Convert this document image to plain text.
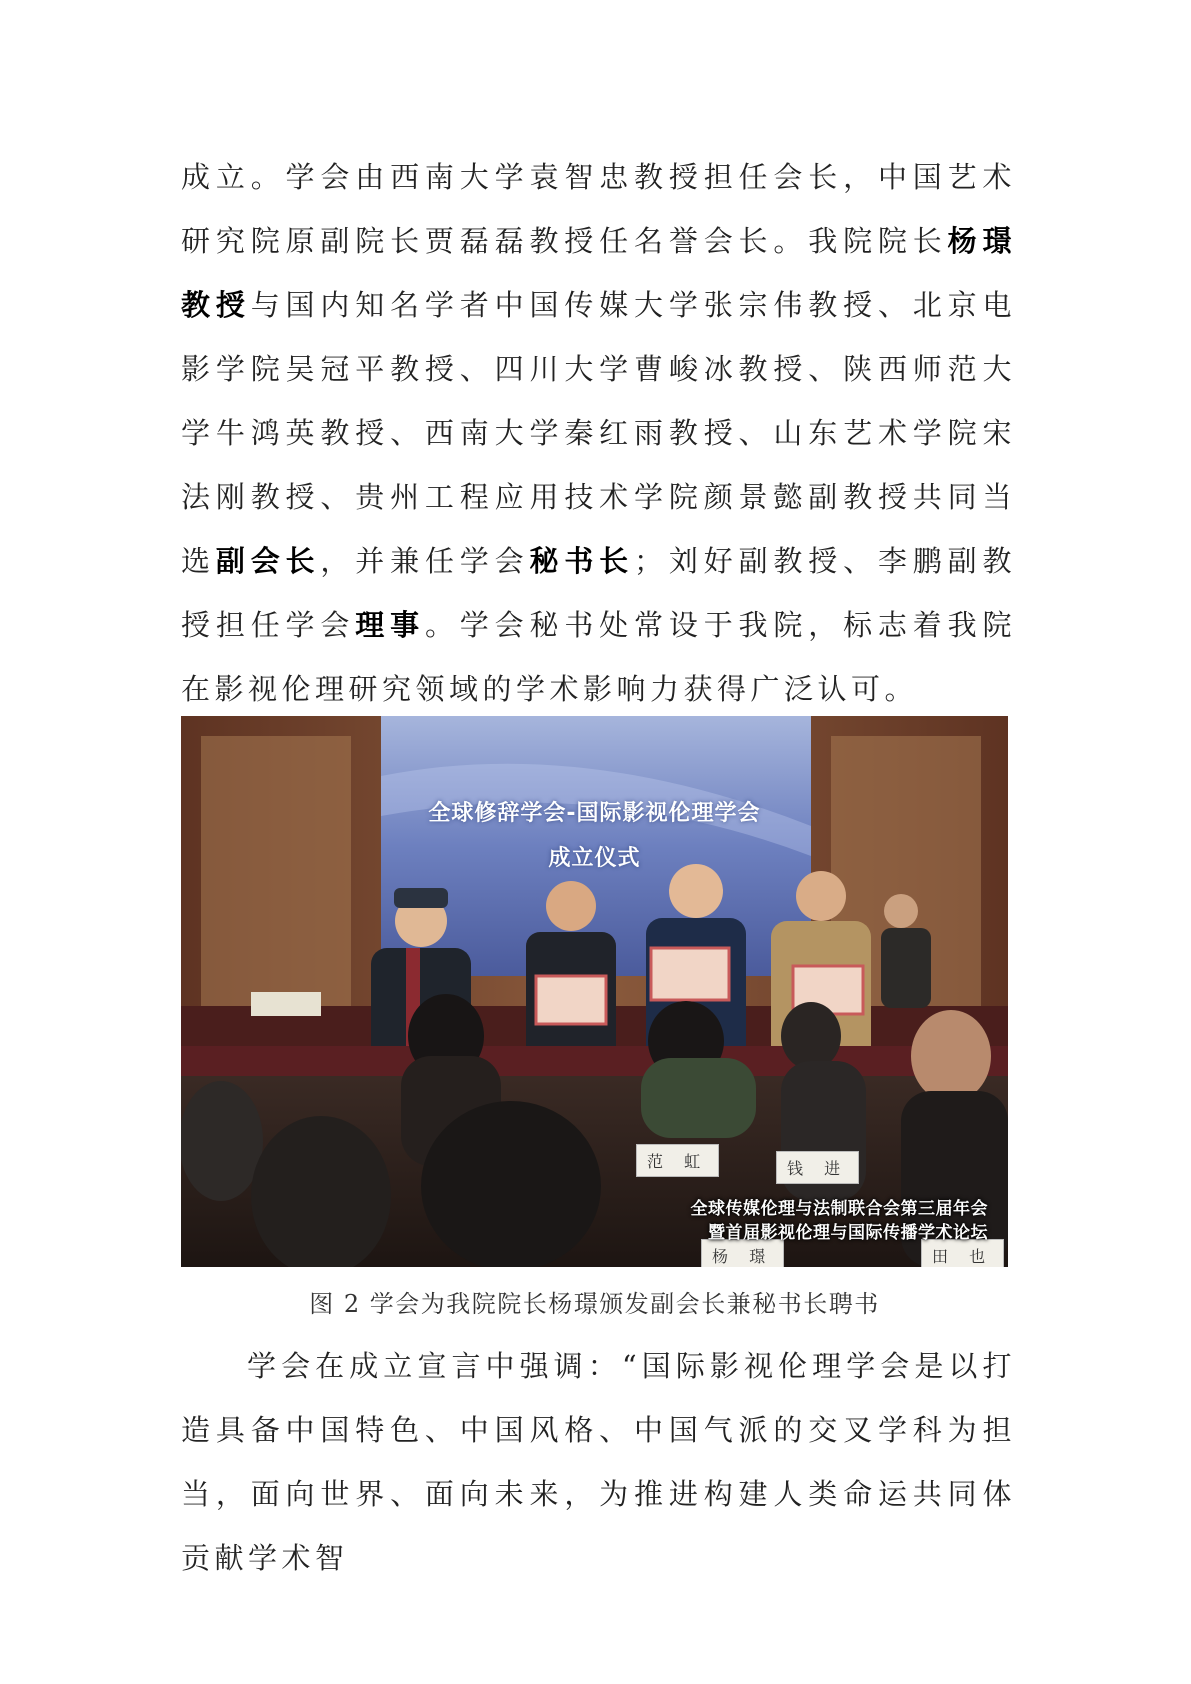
成立。学会由西南大学袁智忠教授担任会长，中国艺术研究院原副院长贾磊磊教授任名誉会长。我院院长杨璟教授与国内知名学者中国传媒大学张宗伟教授、北京电影学院吴冠平教授、四川大学曹峻冰教授、陕西师范大学牛鸿英教授、西南大学秦红雨教授、山东艺术学院宋法刚教授、贵州工程应用技术学院颜景懿副教授共同当选副会长，并兼任学会秘书长；刘好副教授、李鹏副教授担任学会理事。学会秘书处常设于我院，标志着我院在影视伦理研究领域的学术影响力获得广泛认可。
全球修辞学会-国际影视伦理学会
成立仪式
范 虹	钱 进
杨 璟	田 也
全球传媒伦理与法制联合会第三届年会
暨首届影视伦理与国际传播学术论坛
图 2 学会为我院院长杨璟颁发副会长兼秘书长聘书
学会在成立宣言中强调：“国际影视伦理学会是以打造具备中国特色、中国风格、中国气派的交叉学科为担当，面向世界、面向未来，为推进构建人类命运共同体贡献学术智
